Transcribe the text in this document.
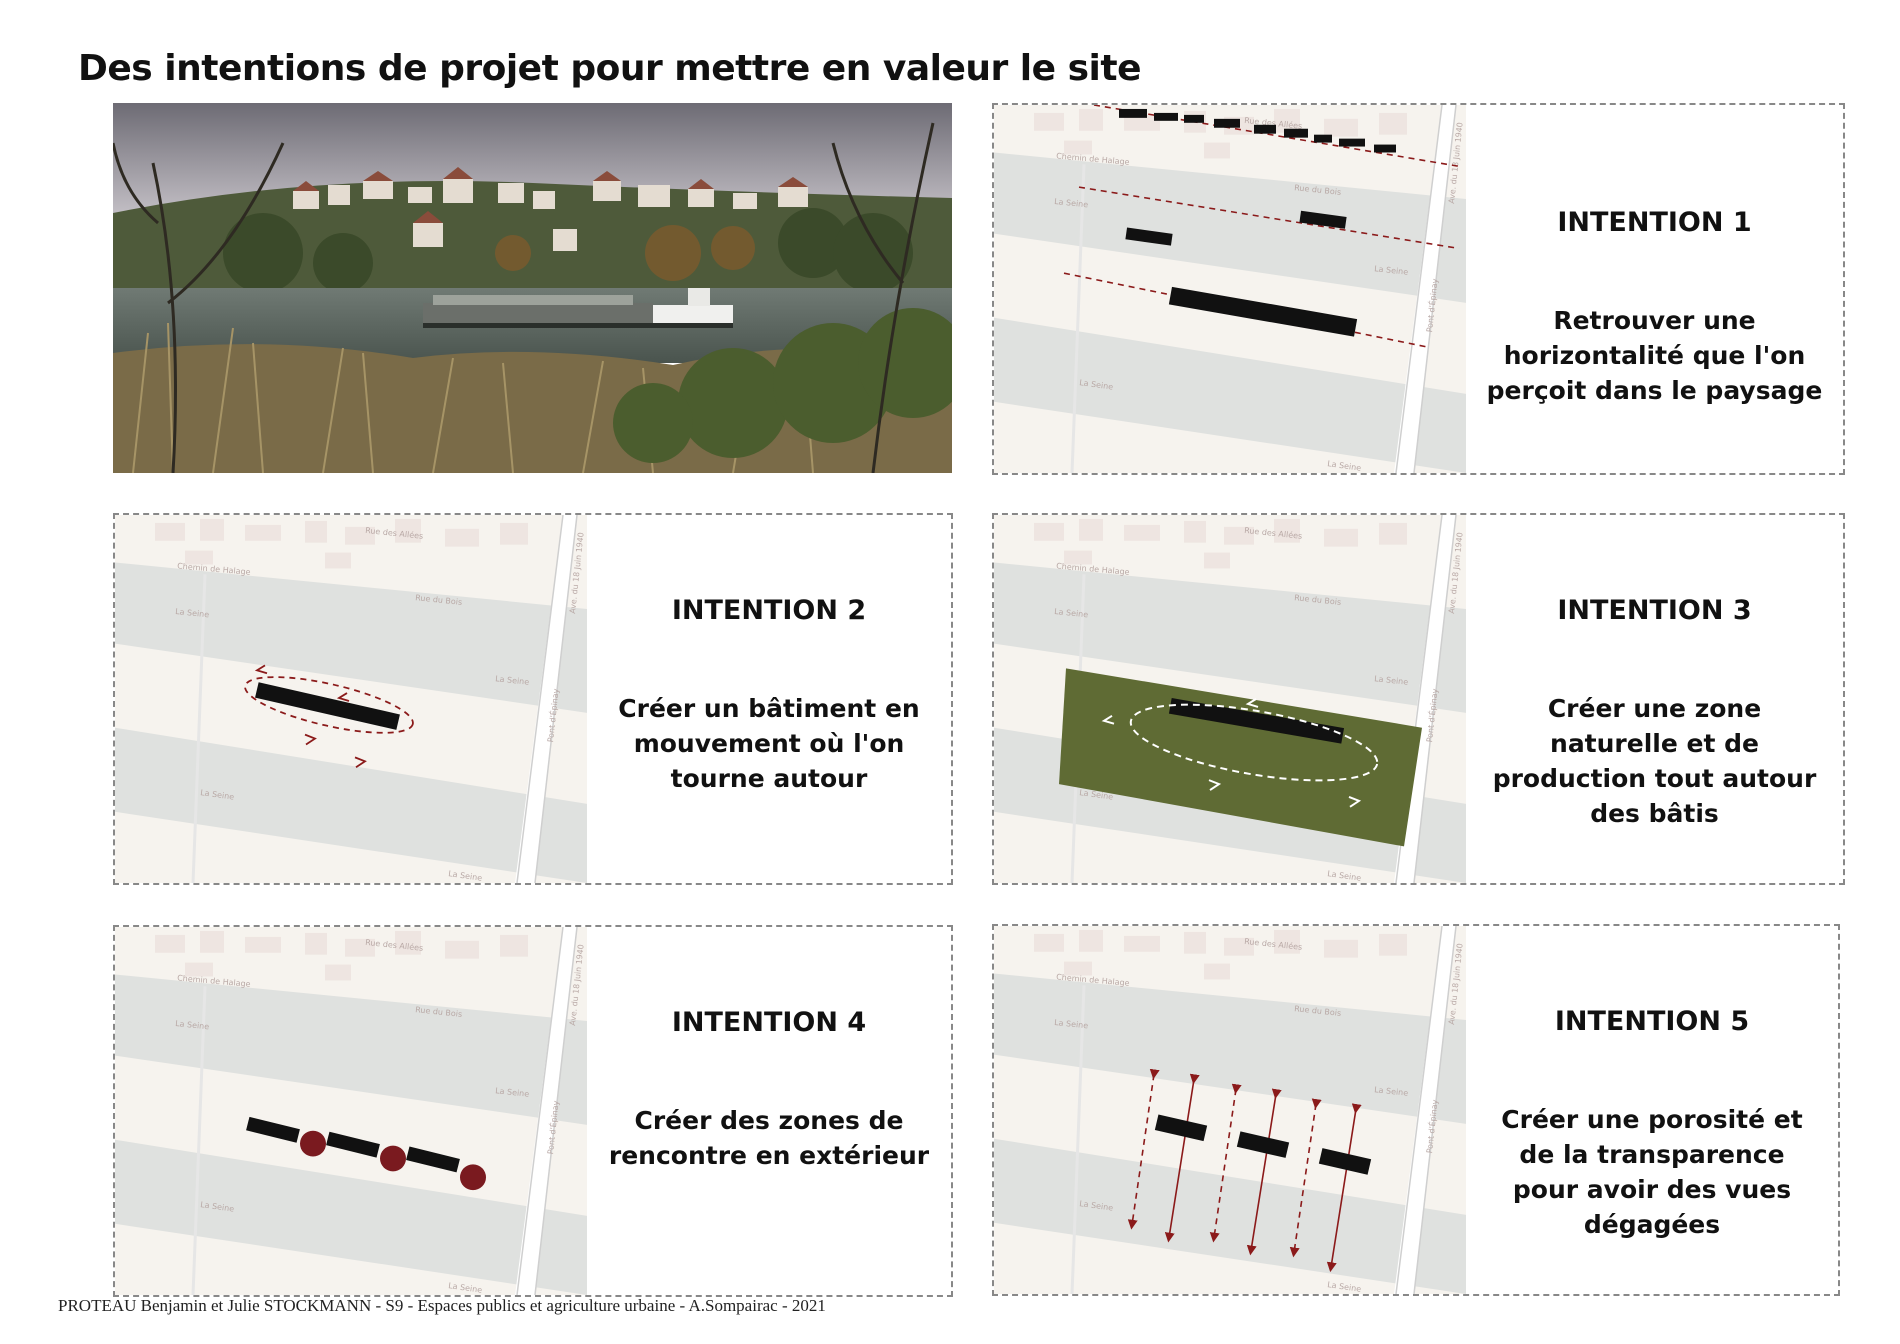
Des intentions de projet pour mettre en valeur le site
INTENTION 1

Retrouver une
horizontalité que l'on
perçoit dans le paysage

INTENTION 2

Créer un bâtiment en
mouvement où l'on
tourne autour

INTENTION 3

Créer une zone
naturelle et de
production tout autour
des bâtis

INTENTION 4

Créer des zones de
rencontre en extérieur

INTENTION 5

Créer une porosité et
de la transparence
pour avoir des vues
dégagées

PROTEAU Benjamin et Julie STOCKMANN - S9 - Espaces publics et agriculture urbaine - A.Sompairac - 2021
